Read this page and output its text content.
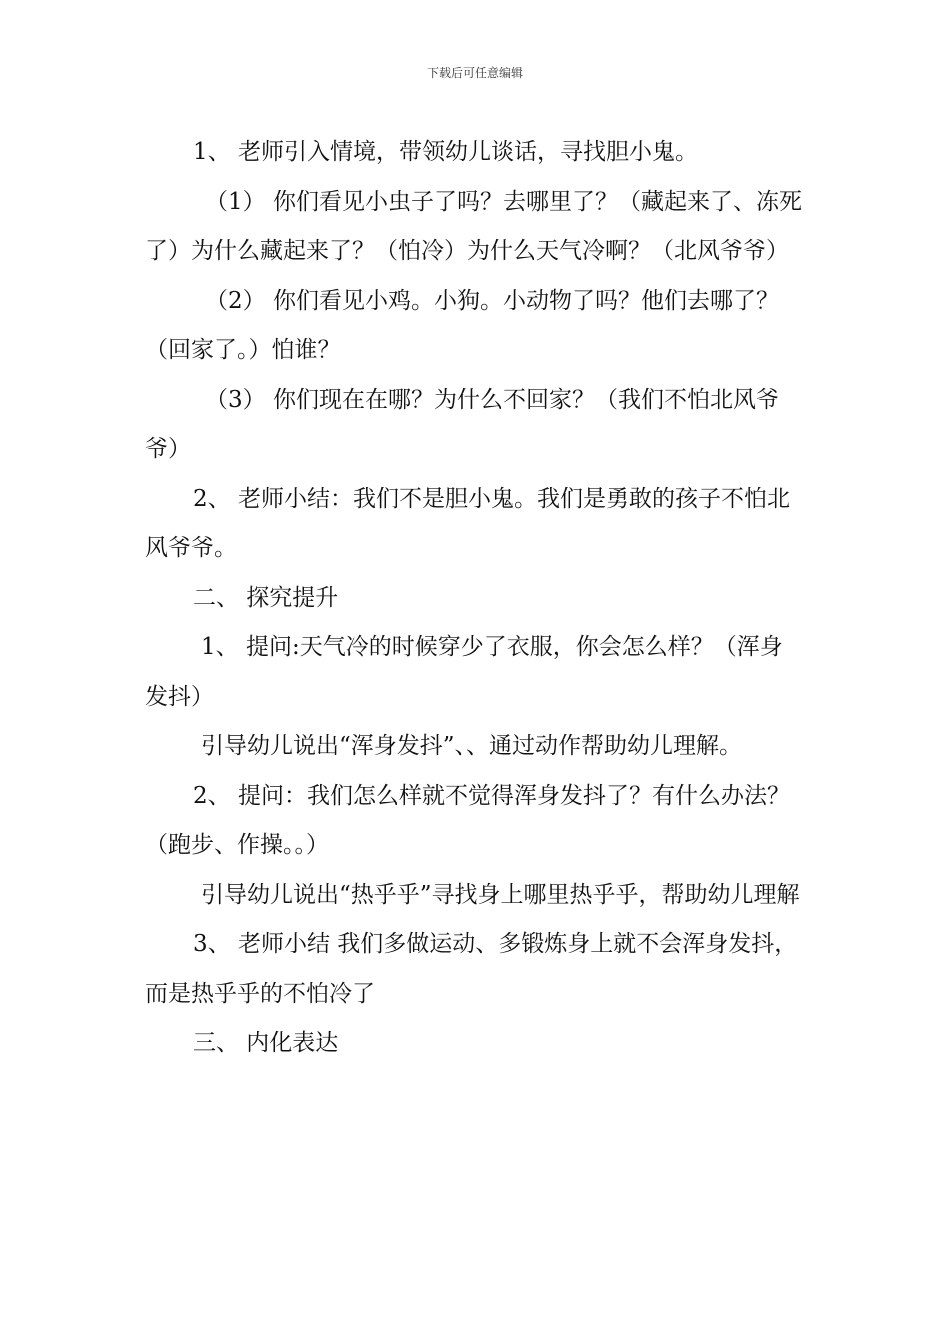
下载后可任意编辑

1、 老师引入情境，带领幼儿谈话，寻找胆小鬼。

（1） 你们看见小虫子了吗？去哪里了？（藏起来了、冻死了）为什么藏起来了？（怕冷）为什么天气冷啊？（北风爷爷）

（2） 你们看见小鸡。小狗。小动物了吗？他们去哪了？（回家了。）怕谁？

（3） 你们现在在哪？为什么不回家？（我们不怕北风爷爷）

2、 老师小结：我们不是胆小鬼。我们是勇敢的孩子不怕北风爷爷。

二、 探究提升

1、 提问:天气冷的时候穿少了衣服，你会怎么样？（浑身发抖）

引导幼儿说出“浑身发抖”、、通过动作帮助幼儿理解。

2、 提问：我们怎么样就不觉得浑身发抖了？有什么办法？ （跑步、作操。。）

引导幼儿说出“热乎乎”寻找身上哪里热乎乎，帮助幼儿理解

3、 老师小结 我们多做运动、多锻炼身上就不会浑身发抖，而是热乎乎的不怕冷了

三、 内化表达
